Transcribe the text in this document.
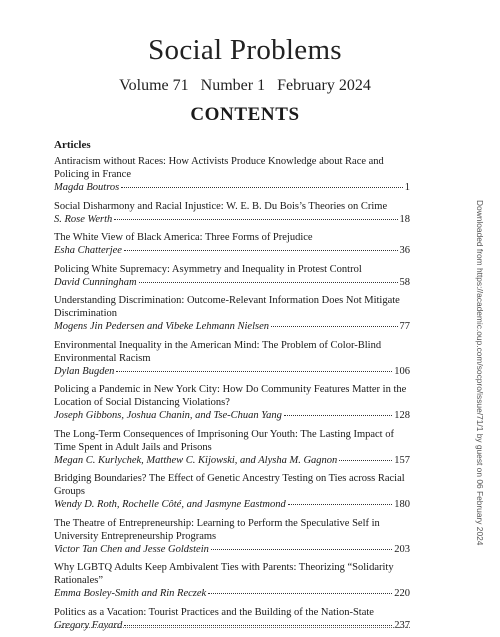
Social Problems
Volume 71 Number 1 February 2024
CONTENTS
Articles
Antiracism without Races: How Activists Produce Knowledge about Race and Policing in France
Magda Boutros	1
Social Disharmony and Racial Injustice: W. E. B. Du Bois’s Theories on Crime
S. Rose Werth	18
The White View of Black America: Three Forms of Prejudice
Esha Chatterjee	36
Policing White Supremacy: Asymmetry and Inequality in Protest Control
David Cunningham	58
Understanding Discrimination: Outcome-Relevant Information Does Not Mitigate Discrimination
Mogens Jin Pedersen and Vibeke Lehmann Nielsen	77
Environmental Inequality in the American Mind: The Problem of Color-Blind Environmental Racism
Dylan Bugden	106
Policing a Pandemic in New York City: How Do Community Features Matter in the Location of Social Distancing Violations?
Joseph Gibbons, Joshua Chanin, and Tse-Chuan Yang	128
The Long-Term Consequences of Imprisoning Our Youth: The Lasting Impact of Time Spent in Adult Jails and Prisons
Megan C. Kurlychek, Matthew C. Kijowski, and Alysha M. Gagnon	157
Bridging Boundaries? The Effect of Genetic Ancestry Testing on Ties across Racial Groups
Wendy D. Roth, Rochelle Côté, and Jasmyne Eastmond	180
The Theatre of Entrepreneurship: Learning to Perform the Speculative Self in University Entrepreneurship Programs
Victor Tan Chen and Jesse Goldstein	203
Why LGBTQ Adults Keep Ambivalent Ties with Parents: Theorizing “Solidarity Rationales”
Emma Bosley-Smith and Rin Reczek	220
Politics as a Vacation: Tourist Practices and the Building of the Nation-State
Gregory Fayard	237
Downloaded from https://academic.oup.com/socpro/issue/71/1 by guest on 06 February 2024
